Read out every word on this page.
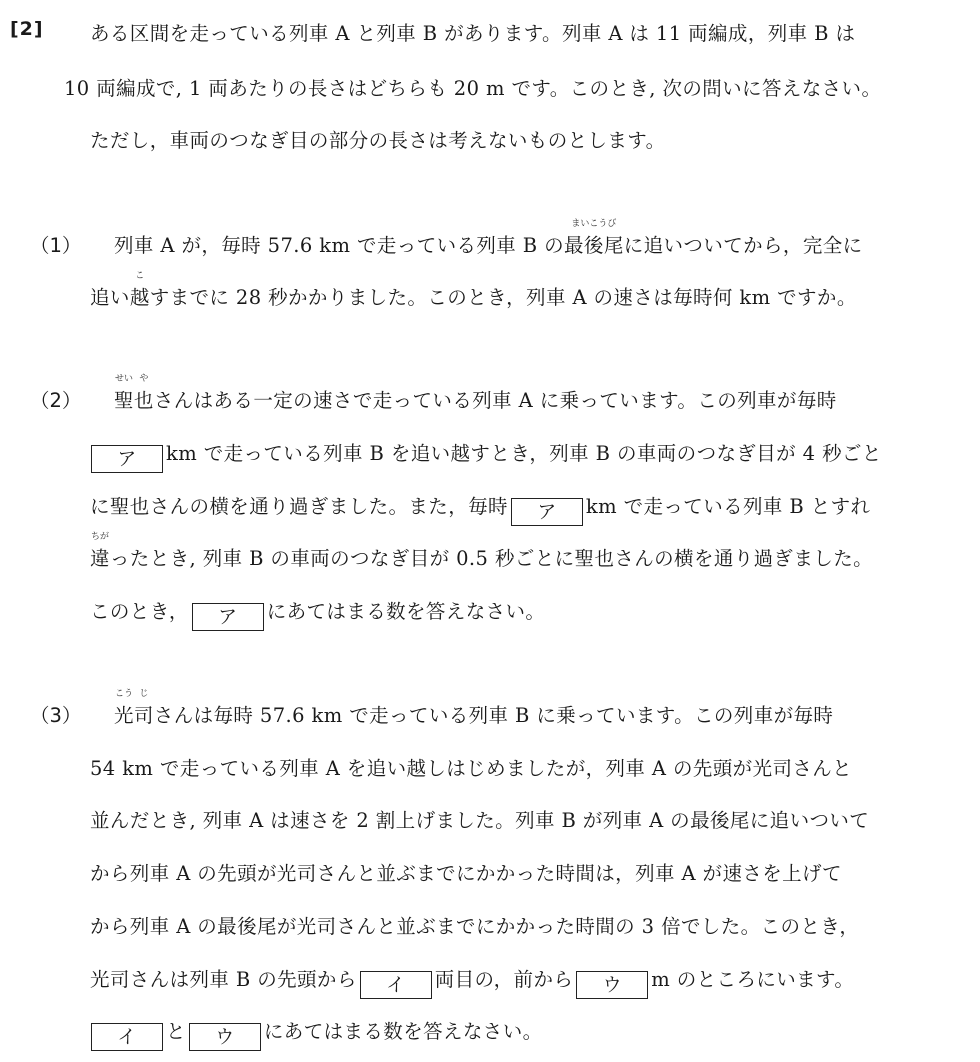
[2] ある区間を走っている列車 A と列車 B があります。列車 A は 11 両編成，列車 B は
10 両編成で, 1 両あたりの長さはどちらも 20 m です。このとき, 次の問いに答えなさい。
ただし，車両のつなぎ目の部分の長さは考えないものとします。
（1） 列車 A が，毎時 57.6 km で走っている列車 B の最後尾
まいこうび
に追いついてから，完全に
追い越
こ
すまでに 28 秒かかりました。このとき，列車 A の速さは毎時何 km ですか。
（2） 聖
せい
也
や
さんはある一定の速さで走っている列車 A に乗っています。この列車が毎時
ア km で走っている列車 B を追い越すとき，列車 B の車両のつなぎ目が 4 秒ごと
に聖也さんの横を通り過ぎました。また，毎時 ア km で走っている列車 B とすれ
違
ちが
ったとき, 列車 B の車両のつなぎ目が 0.5 秒ごとに聖也さんの横を通り過ぎました。
このとき， ア にあてはまる数を答えなさい。
（3） 光
こう
司
じ
さんは毎時 57.6 km で走っている列車 B に乗っています。この列車が毎時
54 km で走っている列車 A を追い越しはじめましたが，列車 A の先頭が光司さんと
並んだとき, 列車 A は速さを 2 割上げました。列車 B が列車 A の最後尾に追いついて
から列車 A の先頭が光司さんと並ぶまでにかかった時間は，列車 A が速さを上げて
から列車 A の最後尾が光司さんと並ぶまでにかかった時間の 3 倍でした。このとき，
光司さんは列車 B の先頭から イ 両目の，前から ウ m のところにいます。
イ と ウ にあてはまる数を答えなさい。
